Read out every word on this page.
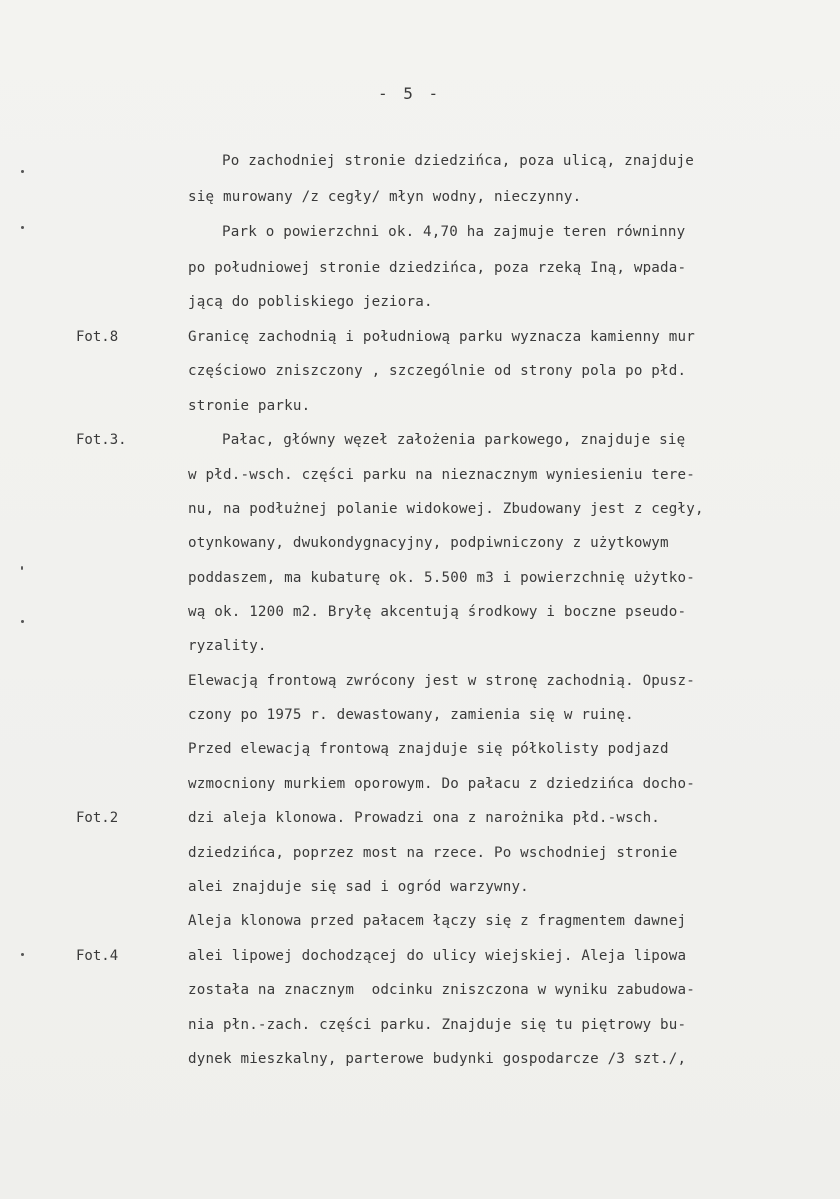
- 5 -
Fot.8
Fot.3.
Fot.2
Fot.4
Po zachodniej stronie dziedzińca, poza ulicą, znajduje
się murowany /z cegły/ młyn wodny, nieczynny.
Park o powierzchni ok. 4,70 ha zajmuje teren równinny
po południowej stronie dziedzińca, poza rzeką Iną, wpada-
jącą do pobliskiego jeziora.
Granicę zachodnią i południową parku wyznacza kamienny mur
częściowo zniszczony , szczególnie od strony pola po płd.
stronie parku.
Pałac, główny węzeł założenia parkowego, znajduje się
w płd.-wsch. części parku na nieznacznym wyniesieniu tere-
nu, na podłużnej polanie widokowej. Zbudowany jest z cegły,
otynkowany, dwukondygnacyjny, podpiwniczony z użytkowym
poddaszem, ma kubaturę ok. 5.500 m3 i powierzchnię użytko-
wą ok. 1200 m2. Bryłę akcentują środkowy i boczne pseudo-
ryzality.
Elewacją frontową zwrócony jest w stronę zachodnią. Opusz-
czony po 1975 r. dewastowany, zamienia się w ruinę.
Przed elewacją frontową znajduje się półkolisty podjazd
wzmocniony murkiem oporowym. Do pałacu z dziedzińca docho-
dzi aleja klonowa. Prowadzi ona z narożnika płd.-wsch.
dziedzińca, poprzez most na rzece. Po wschodniej stronie
alei znajduje się sad i ogród warzywny.
Aleja klonowa przed pałacem łączy się z fragmentem dawnej
alei lipowej dochodzącej do ulicy wiejskiej. Aleja lipowa
została na znacznym  odcinku zniszczona w wyniku zabudowa-
nia płn.-zach. części parku. Znajduje się tu piętrowy bu-
dynek mieszkalny, parterowe budynki gospodarcze /3 szt./,
